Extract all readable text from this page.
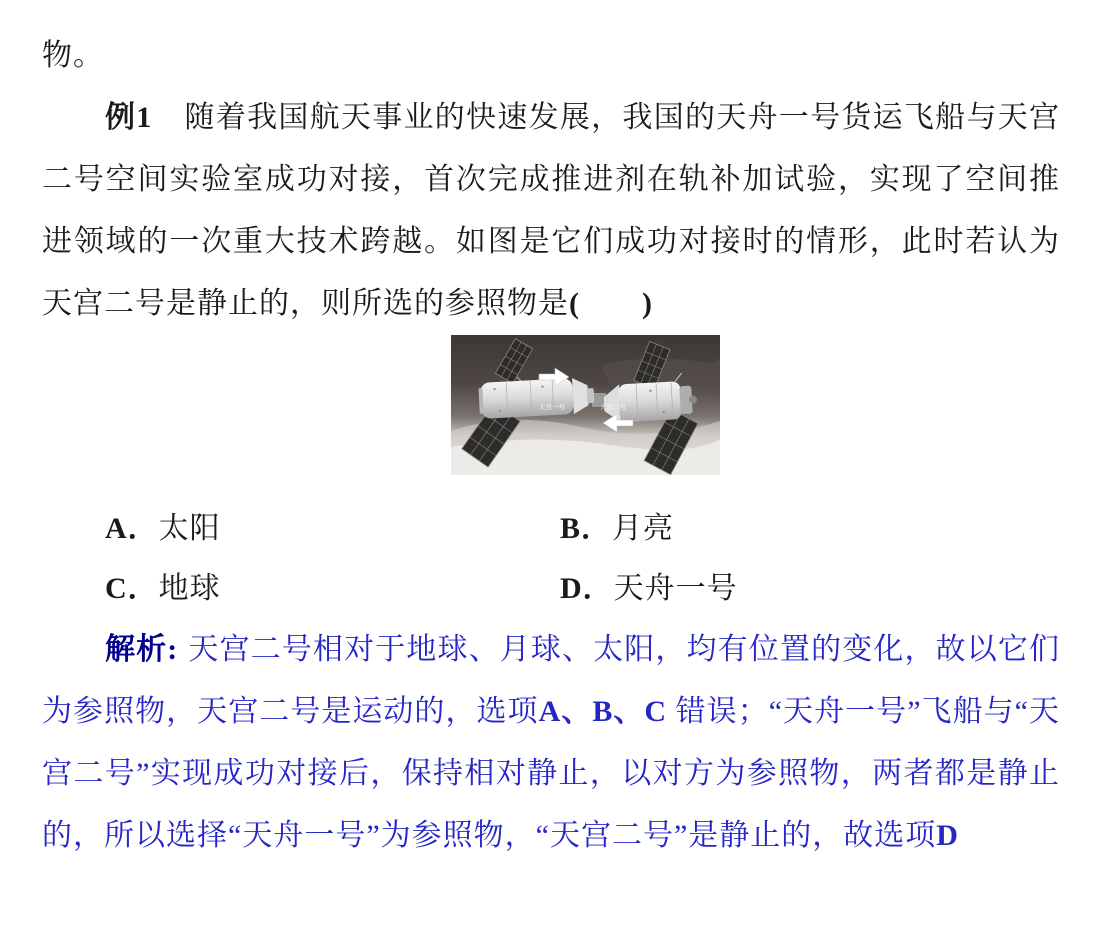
物。

例1 随着我国航天事业的快速发展，我国的天舟一号货运飞船与天宫二号空间实验室成功对接，首次完成推进剂在轨补加试验，实现了空间推进领域的一次重大技术跨越。如图是它们成功对接时的情形，此时若认为天宫二号是静止的，则所选的参照物是(　　)

天舟一号	天宫二号
A．太阳	B．月亮
C．地球	D．天舟一号

解析: 天宫二号相对于地球、月球、太阳，均有位置的变化，故以它们为参照物，天宫二号是运动的，选项A、B、C 错误；“天舟一号”飞船与“天宫二号”实现成功对接后，保持相对静止，以对方为参照物，两者都是静止的，所以选择“天舟一号”为参照物，“天宫二号”是静止的，故选项D
